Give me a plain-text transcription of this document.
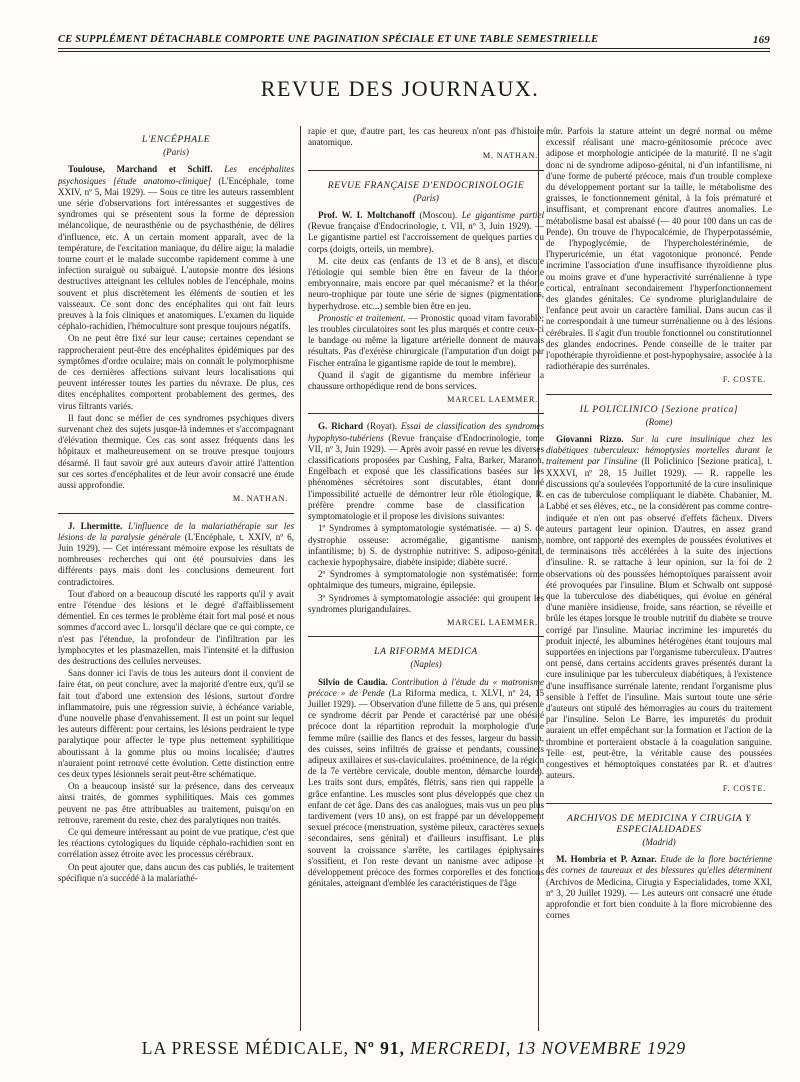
CE SUPPLÉMENT DÉTACHABLE COMPORTE UNE PAGINATION SPÉCIALE ET UNE TABLE SEMESTRIELLE	169
REVUE DES JOURNAUX.
L'ENCÉPHALE
(Paris)

Toulouse, Marchand et Schiff. Les encéphalites psychosiques [étude anatomo-clinique] (L'Encéphale, tome XXIV, nº 5, Mai 1929). — Sous ce titre les auteurs rassemblent une série d'observations fort intéressantes et suggestives de syndromes qui se présentent sous la forme de dépression mélancolique, de neurasthénie ou de psychasthénie, de délires d'influence, etc. A un certain moment apparaît, avec de la température, de l'excitation maniaque, du délire aigu; la maladie tourne court et le malade succombe rapidement comme à une infection suraiguë ou subaiguë. L'autopsie montre des lésions destructives atteignant les cellules nobles de l'encéphale, moins souvent et plus discrètement les éléments de soutien et les vaisseaux. Ce sont donc des encéphalites qui ont fait leurs preuves à la fois cliniques et anatomiques. L'examen du liquide céphalo-rachidien, l'hémoculture sont presque toujours négatifs.

On ne peut être fixé sur leur cause; certaines cependant se rapprocheraient peut-être des encéphalites épidémiques par des symptômes d'ordre oculaire; mais on connaît le polymorphisme de ces dernières affections suivant leurs localisations qui peuvent intéresser toutes les parties du névraxe. De plus, ces dites encéphalites comportent probablement des germes, des virus filtrants variés.

Il faut donc se méfier de ces syndromes psychiques divers survenant chez des sujets jusque-là indemnes et s'accompagnant d'élévation thermique. Ces cas sont assez fréquents dans les hôpitaux et malheureusement on se trouve presque toujours désarmé. Il faut savoir gré aux auteurs d'avoir attiré l'attention sur ces sortes d'encéphalites et de leur avoir consacré une étude aussi approfondie.

M. NATHAN.

J. Lhermitte. L'influence de la malariathérapie sur les lésions de la paralysie générale (L'Encéphale, t. XXIV, nº 6, Juin 1929). — Cet intéressant mémoire expose les résultats de nombreuses recherches qui ont été poursuivies dans les différents pays mais dont les conclusions demeurent fort contradictoires.

Tout d'abord on a beaucoup discuté les rapports qu'il y avait entre l'étendue des lésions et le degré d'affaiblissement démentiel. En ces termes le problème était fort mal posé et nous sommes d'accord avec L. lorsqu'il déclare que ce qui compte, ce n'est pas l'étendue, la profondeur de l'infiltration par les lymphocytes et les plasmazellen, mais l'intensité et la diffusion des destructions des cellules nerveuses.

Sans donner ici l'avis de tous les auteurs dont il convient de faire état, on peut conclure, avec la majorité d'entre eux, qu'il se fait tout d'abord une extension des lésions, surtout d'ordre inflammatoire, puis une régression suivie, à échéance variable, d'une nouvelle phase d'envahissement. Il est un point sur lequel les auteurs diffèrent: pour certains, les lésions perdraient le type paralytique pour affecter le type plus nettement syphilitique aboutissant à la gomme plus ou moins localisée; d'autres n'auraient point retrouvé cette évolution. Cette distinction entre ces deux types lésionnels serait peut-être schématique.

On a beaucoup insisté sur la présence, dans des cerveaux ainsi traités, de gommes syphilitiques. Mais ces gommes peuvent ne pas être attribuables au traitement, puisqu'on en retrouve, rarement du reste, chez des paralytiques non traités.

Ce qui demeure intéressant au point de vue pratique, c'est que les réactions cytologiques du liquide céphalo-rachidien sont en corrélation assez étroite avec les processus cérébraux.

On peut ajouter que, dans aucun des cas publiés, le traitement spécifique n'a succédé à la malariathé-

rapie et que, d'autre part, les cas heureux n'ont pas d'histoire anatomique.

M. NATHAN.
REVUE FRANÇAISE D'ENDOCRINOLOGIE
(Paris)

Prof. W. I. Moltchanoff (Moscou). Le gigantisme partiel (Revue française d'Endocrinologie, t. VII, nº 3, Juin 1929). — Le gigantisme partiel est l'accroissement de quelques parties du corps (doigts, orteils, un membre).

M. cite deux cas (enfants de 13 et de 8 ans), et discute l'étiologie qui semble bien être en faveur de la théorie embryonnaire, mais encore par quel mécanisme? et la théorie neuro-trophique par toute une série de signes (pigmentations, hyperhydrose. etc...) semble bien être en jeu.

Pronostic et traitement. — Pronostic quoad vitam favorable; les troubles circulatoires sont les plus marqués et contre ceux-ci le bandage ou même la ligature artérielle donnent de mauvais résultats. Pas d'exérèse chirurgicale (l'amputation d'un doigt par Fischer entraîna le gigantisme rapide de tout le membre).

Quand il s'agit de gigantisme du membre inférieur la chaussure orthopédique rend de bons services.

MARCEL LAEMMER.

G. Richard (Royat). Essai de classification des syndromes hypophyso-tubériens (Revue française d'Endocrinologie, tome VII, nº 3, Juin 1929). — Après avoir passé en revue les diverses classifications proposées par Cushing, Falta, Barker, Maranon, Engelbach et exposé que les classifications basées sur les phénomènes sécrétoires sont discutables, étant donné l'impossibilité actuelle de démontrer leur rôle étiologique, R. préfère prendre comme base de classification la symptomatologie et il propose les divisions suivantes:

1º Syndromes à symptomatologie systématisée. — a) S. de dystrophie osseuse: acromégalie, gigantisme nanisme, infantilisme; b) S. de dystrophie nutritive: S. adiposo-génital, cachexie hypophysaire, diabète insipide; diabète sucré.

2º Syndromes à symptomatologie non systématisée: forme ophtalmique des tumeurs, migraine, épilepsie.

3º Syndromes à symptomatologie associée: qui groupent les syndromes plurigandulaires.

MARCEL LAEMMER.
LA RIFORMA MEDICA
(Naples)

Silvio de Caudia. Contribution à l'étude du « matronisme précoce » de Pende (La Riforma medica, t. XLVI, nº 24, 15 Juillet 1929). — Observation d'une fillette de 5 ans, qui présente ce syndrome décrit par Pende et caractérisé par une obésité précoce dont la répartition reproduit la morphologie d'une femme mûre (saillie des flancs et des fesses, largeur du bassin, des cuisses, seins infiltrés de graisse et pendants, coussinets adipeux axillaires et sus-claviculaires. proéminence, de la région de la 7e vertèbre cervicale, double menton, démarche lourde). Les traits sont durs, empâtés, flétris, sans rien qui rappelle la grâce enfantine. Les muscles sont plus développés que chez un enfant de cet âge. Dans des cas analogues, mais vus un peu plus tardivement (vers 10 ans), on est frappé par un développement sexuel précoce (menstruation, système pileux, caractères sexuels secondaires, sens génital) et d'ailleurs insuffisant. Le plus souvent la croissance s'arrête, les cartilages épiphysaires s'ossifient, et l'on reste devant un nanisme avec adipose et développement précoce des formes corporelles et des fonctions génitales, atteignant d'emblée les caractéristiques de l'âge

mûr. Parfois la stature atteint un degré normal ou même excessif réalisant une macro-génitosomie précoce avec adipose et morphologie anticipée de la maturité. Il ne s'agit donc ni de syndrome adiposo-génital, ni d'un infantilisme, ni d'une forme de puberté précoce, mais d'un trouble complexe du développement portant sur la taille, le métabolisme des graisses, le fonctionnement génital, à la fois prématuré et insuffisant, et comprenant encore d'autres anomalies. Le métabolisme basal est abaissé (— 40 pour 100 dans un cas de Pende). On trouve de l'hypocalcémie, de l'hyperpotassémie, de l'hypoglycémie, de l'hypercholestérinémie, de l'hyperuricémie, un état vagotonique prononcé. Pende incrimine l'association d'une insuffisance thyroïdienne plus ou moins grave et d'une hyperactivité surrénalienne à type cortical, entraînant secondairement l'hyperfonctionnement des glandes génitales. Ce syndrome pluriglandulaire de l'enfance peut avoir un caractère familial. Dans aucun cas il ne correspondait à une tumeur surrénalienne ou à des lésions cérébrales. Il s'agit d'un trouble fonctionnel ou constitutionnel des glandes endocrines. Pende conseille de le traiter par l'opothérapie thyroïdienne et post-hypophysaire, associée à la radiothérapie des surrénales.

F. COSTE.
IL POLICLINICO [Sezione pratica]
(Rome)

Giovanni Rizzo. Sur la cure insulinique chez les diabétiques tuberculeux: hémoptysies mortelles durant le traitement par l'insuline (Il Policlinico [Sezione pratica], t. XXXVI, nº 28, 15 Juillet 1929). — R. rappelle les discussions qu'a soulevées l'opportunité de la cure insulinique en cas de tuberculose compliquant le diabète. Chabanier, M. Labbé et ses élèves, etc., ne la considèrent pas comme contre-indiquée et n'en ont pas observé d'effets fâcheux. Divers auteurs partagent leur opinion. D'autres, en assez grand nombre, ont rapporté des exemples de poussées évolutives et de terminaisons très accélérées à la suite des injections d'insuline. R. se rattache à leur opinion, sur la foi de 2 observations où des poussées hémoptoïques paraissent avoir été provoquées par l'insuline. Blum et Schwalb ont supposé que la tuberculose des diabétiques, qui évolue en général d'une manière insidieuse, froide, sans réaction, se réveille et brûle les étapes lorsque le trouble nutritif du diabète se trouve corrigé par l'insuline. Mauriac incrimine les impuretés du produit injecté, les albumines hétérogènes étant toujours mal supportées en injections par l'organisme tuberculeux. D'autres ont pensé, dans certains accidents graves présentés durant la cure insulinique par les tuberculeux diabétiques, à l'existence d'une insuffisance surrénale latente, rendant l'organisme plus sensible à l'effet de l'insuline. Mais surtout toute une série d'auteurs ont stipulé des hémorragies au cours du traitement par l'insuline. Selon Le Barre, les impuretés du produit auraient un effet empêchant sur la formation et l'action de la thrombine et porteraient obstacle à la coagulation sanguine. Telle est, peut-être, la véritable cause des poussées congestives et hémoptoïques constatées par R. et d'autres auteurs.

F. COSTE.
ARCHIVOS DE MEDICINA Y CIRUGIA Y ESPECIALIDADES
(Madrid)

M. Hombria et P. Aznar. Etude de la flore bactérienne des cornes de taureaux et des blessures qu'elles déterminent (Archivos de Medicina, Cirugia y Especialidades, tome XXI, nº 3, 20 Juillet 1929). — Les auteurs ont consacré une étude approfondie et fort bien conduite à la flore microbienne des cornes

LA PRESSE MÉDICALE, Nº 91, MERCREDI, 13 NOVEMBRE 1929
